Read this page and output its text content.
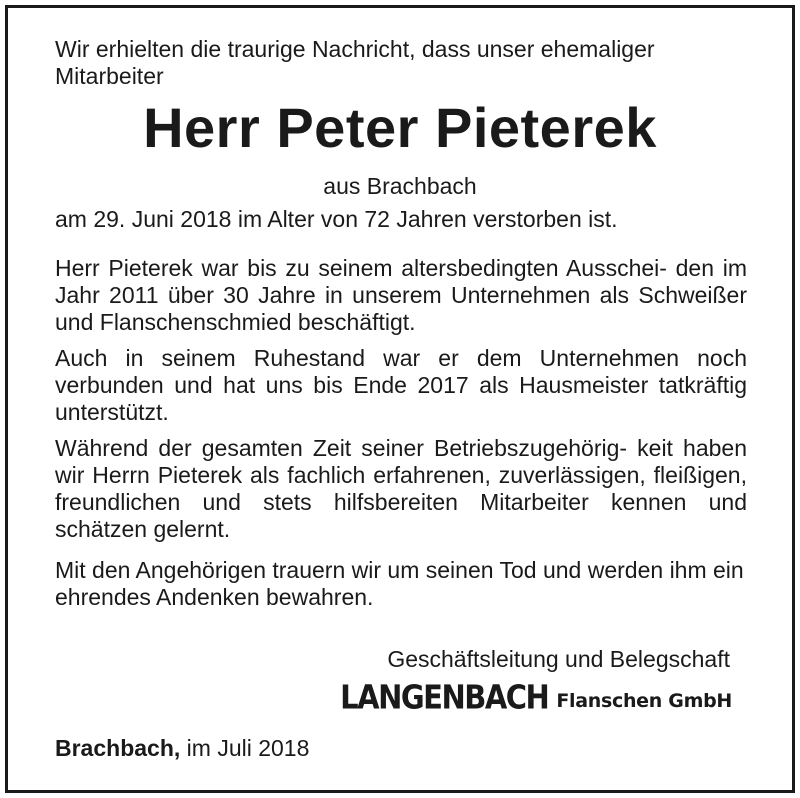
Wir erhielten die traurige Nachricht, dass unser ehemaliger Mitarbeiter

Herr Peter Pieterek

aus Brachbach

am 29. Juni 2018 im Alter von 72 Jahren verstorben ist.

Herr Pieterek war bis zu seinem altersbedingten Ausschei- den im Jahr 2011 über 30 Jahre in unserem Unternehmen als Schweißer und Flanschenschmied beschäftigt.

Auch in seinem Ruhestand war er dem Unternehmen noch verbunden und hat uns bis Ende 2017 als Hausmeister tatkräftig unterstützt.

Während der gesamten Zeit seiner Betriebszugehörig- keit haben wir Herrn Pieterek als fachlich erfahrenen, zuverlässigen, fleißigen, freundlichen und stets hilfsbereiten Mitarbeiter kennen und schätzen gelernt.

Mit den Angehörigen trauern wir um seinen Tod und werden ihm ein ehrendes Andenken bewahren.

Geschäftsleitung und Belegschaft

LANGENBACH Flanschen GmbH

Brachbach, im Juli 2018
